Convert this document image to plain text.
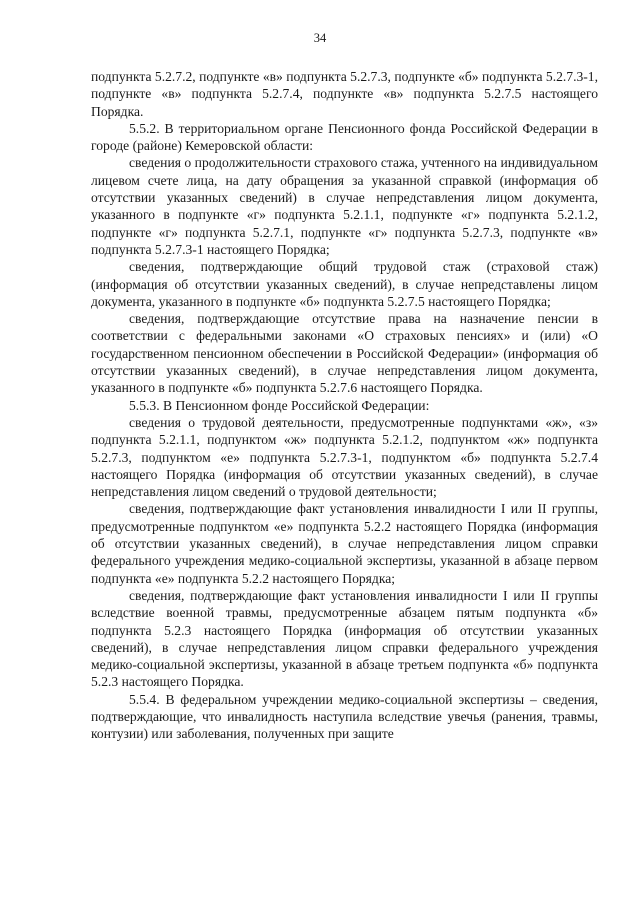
34

подпункта 5.2.7.2, подпункте «в» подпункта 5.2.7.3, подпункте «б» подпункта 5.2.7.3-1, подпункте «в» подпункта 5.2.7.4, подпункте «в» подпункта 5.2.7.5 настоящего Порядка.

5.5.2. В территориальном органе Пенсионного фонда Российской Федерации в городе (районе) Кемеровской области:

сведения о продолжительности страхового стажа, учтенного на индивидуальном лицевом счете лица, на дату обращения за указанной справкой (информация об отсутствии указанных сведений) в случае непредставления лицом документа, указанного в подпункте «г» подпункта 5.2.1.1, подпункте «г» подпункта 5.2.1.2, подпункте «г» подпункта 5.2.7.1, подпункте «г» подпункта 5.2.7.3, подпункте «в» подпункта 5.2.7.3-1 настоящего Порядка;

сведения, подтверждающие общий трудовой стаж (страховой стаж) (информация об отсутствии указанных сведений), в случае непредставлены лицом документа, указанного в подпункте «б» подпункта 5.2.7.5 настоящего Порядка;

сведения, подтверждающие отсутствие права на назначение пенсии в соответствии с федеральными законами «О страховых пенсиях» и (или) «О государственном пенсионном обеспечении в Российской Федерации» (информация об отсутствии указанных сведений), в случае непредставления лицом документа, указанного в подпункте «б» подпункта 5.2.7.6 настоящего Порядка.

5.5.3. В Пенсионном фонде Российской Федерации:

сведения о трудовой деятельности, предусмотренные подпунктами «ж», «з» подпункта 5.2.1.1, подпунктом «ж» подпункта 5.2.1.2, подпунктом «ж» подпункта 5.2.7.3, подпунктом «е» подпункта 5.2.7.3-1, подпунктом «б» подпункта 5.2.7.4 настоящего Порядка (информация об отсутствии указанных сведений), в случае непредставления лицом сведений о трудовой деятельности;

сведения, подтверждающие факт установления инвалидности I или II группы, предусмотренные подпунктом «е» подпункта 5.2.2 настоящего Порядка (информация об отсутствии указанных сведений), в случае непредставления лицом справки федерального учреждения медико-социальной экспертизы, указанной в абзаце первом подпункта «е» подпункта 5.2.2 настоящего Порядка;

сведения, подтверждающие факт установления инвалидности I или II группы вследствие военной травмы, предусмотренные абзацем пятым подпункта «б» подпункта 5.2.3 настоящего Порядка (информация об отсутствии указанных сведений), в случае непредставления лицом справки федерального учреждения медико-социальной экспертизы, указанной в абзаце третьем подпункта «б» подпункта 5.2.3 настоящего Порядка.

5.5.4. В федеральном учреждении медико-социальной экспертизы – сведения, подтверждающие, что инвалидность наступила вследствие увечья (ранения, травмы, контузии) или заболевания, полученных при защите
